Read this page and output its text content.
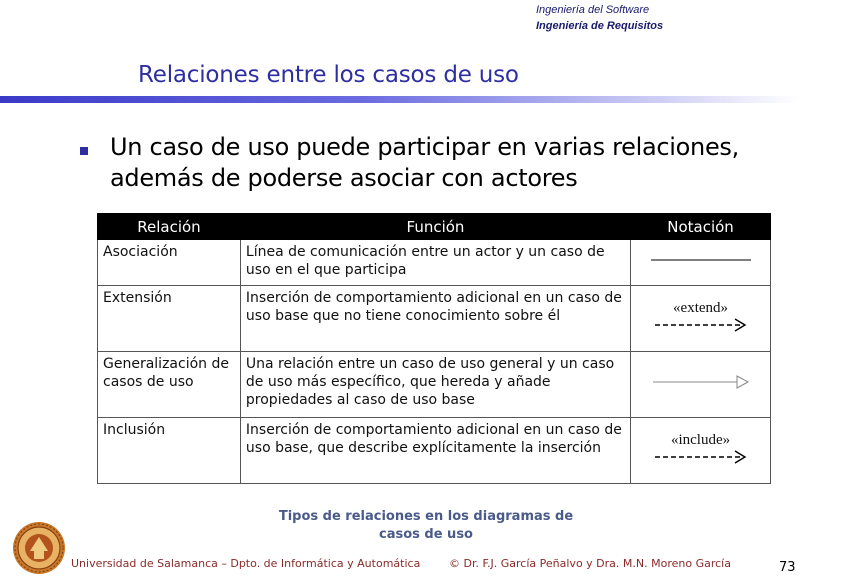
Ingeniería del Software
Ingeniería de Requisitos
Relaciones entre los casos de uso
Un caso de uso puede participar en varias relaciones, además de poderse asociar con actores
Relación	Función	Notación
Asociación	Línea de comunicación entre un actor y un caso de uso en el que participa	
Extensión	Inserción de comportamiento adicional en un caso de uso base que no tiene conocimiento sobre él	«extend»

Generalización de casos de uso	Una relación entre un caso de uso general y un caso de uso más específico, que hereda y añade propiedades al caso de uso base	
Inclusión	Inserción de comportamiento adicional en un caso de uso base, que describe explícitamente la inserción	«include»
Tipos de relaciones en los diagramas de casos de uso
Universidad de Salamanca – Dpto. de Informática y Automática	© Dr. F.J. García Peñalvo y Dra. M.N. Moreno García	73
